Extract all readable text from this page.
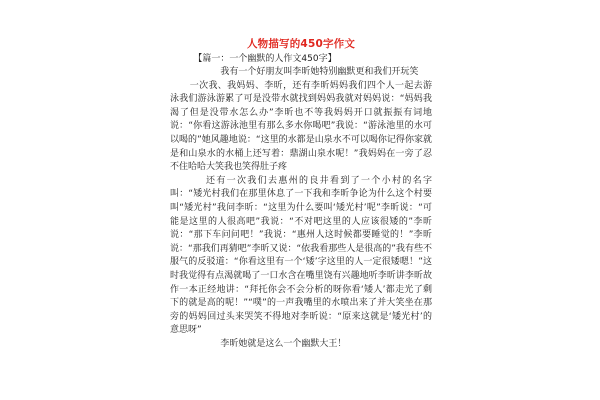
人物描写的450字作文

【篇一：一个幽默的人作文450字】

我有一个好朋友叫李昕她特别幽默更和我们开玩笑

一次我、我妈妈、李昕，还有李昕妈妈我们四个人一起去游泳我们游泳游累了可是没带水就找到妈妈我就对妈妈说：“妈妈我渴了但是没带水怎么办”李昕也不等我妈妈开口就振振有词地说：“你看这游泳池里有那么多水你喝吧”我说：“游泳池里的水可以喝的”她风趣地说：“这里的水都是山泉水不可以喝你记得你家就是和山泉水的水桶上还写着：鼎湖山泉水呢！”我妈妈在一旁了忍不住哈哈大笑我也笑得肚子疼

还有一次我们去惠州的良井看到了一个小村的名字叫：“矮光村我们在那里休息了一下我和李昕争论为什么这个村要叫“矮光村”我问李昕：“这里为什么要叫‘矮光村’呢”李昕说：“可能是这里的人很高吧”我说：“不对吧这里的人应该很矮的”李昕说：“那下车问问吧！”我说：“惠州人这时候都要睡觉的！”李昕说：“那我们再猜吧”李昕又说：“依我看那些人是很高的”我有些不服气的反驳道：“你看这里有一个‘矮’字这里的人一定很矮嗯！”这时我觉得有点渴就喝了一口水含在嘴里饶有兴趣地听李昕讲李昕故作一本正经地讲：“拜托你会不会分析的呀你看‘矮人’都走光了剩下的就是高的呢！”“噗”的一声我嘴里的水喷出来了并大笑坐在那旁的妈妈回过头来哭笑不得地对李昕说：“原来这就是‘矮光村’的意思呀”

李昕她就是这么一个幽默大王！
